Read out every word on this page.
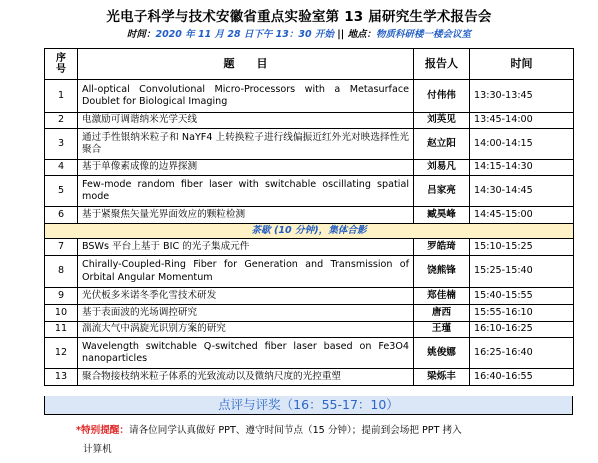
光电子科学与技术安徽省重点实验室第 13 届研究生学术报告会
时间：2020 年 11 月 28 日下午 13：30 开始 || 地点：物质科研楼一楼会议室
序号	题　　目	报告人	时间
1	All-optical Convolutional Micro-Processors with a Metasurface Doublet for Biological Imaging	付伟伟	13:30-13:45
2	电激励可调谐纳米光学天线	刘英见	13:45-14:00
3	通过手性银纳米粒子和 NaYF4 上转换粒子进行线偏振近红外光对映选择性光聚合	赵立阳	14:00-14:15
4	基于单像素成像的边界探测	刘易凡	14:15-14:30
5	Few-mode random fiber laser with switchable oscillating spatial mode	吕家亮	14:30-14:45
6	基于紧聚焦矢量光界面效应的颗粒检测	臧昊峰	14:45-15:00
茶歇 (10 分钟)，集体合影			
7	BSWs 平台上基于 BIC 的光子集成元件	罗皓琦	15:10-15:25
8	Chirally-Coupled-Ring Fiber for Generation and Transmission of Orbital Angular Momentum	饶熊锋	15:25-15:40
9	光伏板多米诺冬季化雪技术研发	郑佳楠	15:40-15:55
10	基于表面波的光场调控研究	唐西	15:55-16:10
11	湍流大气中涡旋光识别方案的研究	王瑾	16:10-16:25
12	Wavelength switchable Q-switched fiber laser based on Fe3O4 nanoparticles	姚俊娜	16:25-16:40
13	聚合物接枝纳米粒子体系的光致流动以及微纳尺度的光控重塑	梁烁丰	16:40-16:55
点评与评奖（16：55-17：10）
*特别提醒：请各位同学认真做好 PPT、遵守时间节点（15 分钟）；提前到会场把 PPT 拷入
计算机
